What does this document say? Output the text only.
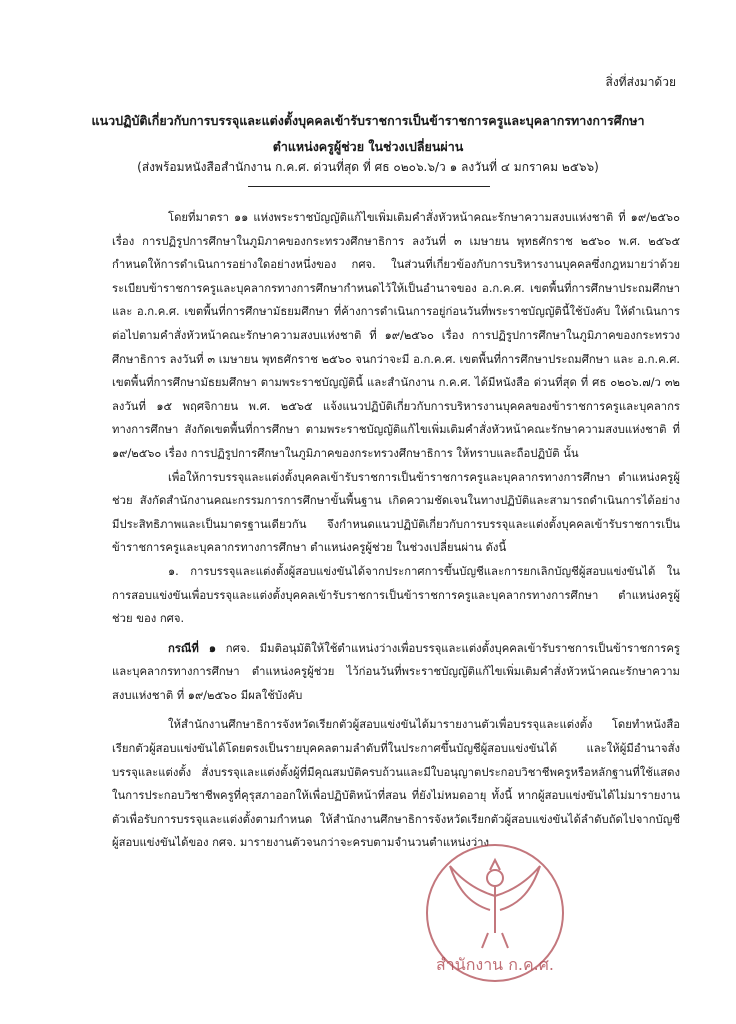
สิ่งที่ส่งมาด้วย
แนวปฏิบัติเกี่ยวกับการบรรจุและแต่งตั้งบุคคลเข้ารับราชการเป็นข้าราชการครูและบุคลากรทางการศึกษา
ตำแหน่งครูผู้ช่วย ในช่วงเปลี่ยนผ่าน
(ส่งพร้อมหนังสือสำนักงาน ก.ค.ศ. ด่วนที่สุด ที่ ศธ ๐๒๐๖.๖/ว ๑ ลงวันที่ ๔ มกราคม ๒๕๖๖)

โดยที่มาตรา ๑๑ แห่งพระราชบัญญัติแก้ไขเพิ่มเติมคำสั่งหัวหน้าคณะรักษาความสงบแห่งชาติ ที่ ๑๙/๒๕๖๐ เรื่อง การปฏิรูปการศึกษาในภูมิภาคของกระทรวงศึกษาธิการ ลงวันที่ ๓ เมษายน พุทธศักราช ๒๕๖๐ พ.ศ. ๒๕๖๕ กำหนดให้การดำเนินการอย่างใดอย่างหนึ่งของ กศจ. ในส่วนที่เกี่ยวข้องกับการบริหารงานบุคคลซึ่งกฎหมายว่าด้วยระเบียบข้าราชการครูและบุคลากรทางการศึกษากำหนดไว้ให้เป็นอำนาจของ อ.ก.ค.ศ. เขตพื้นที่การศึกษาประถมศึกษา และ อ.ก.ค.ศ. เขตพื้นที่การศึกษามัธยมศึกษา ที่ค้างการดำเนินการอยู่ก่อนวันที่พระราชบัญญัตินี้ใช้บังคับ ให้ดำเนินการต่อไปตามคำสั่งหัวหน้าคณะรักษาความสงบแห่งชาติ ที่ ๑๙/๒๕๖๐ เรื่อง การปฏิรูปการศึกษาในภูมิภาคของกระทรวงศึกษาธิการ ลงวันที่ ๓ เมษายน พุทธศักราช ๒๕๖๐ จนกว่าจะมี อ.ก.ค.ศ. เขตพื้นที่การศึกษาประถมศึกษา และ อ.ก.ค.ศ. เขตพื้นที่การศึกษามัธยมศึกษา ตามพระราชบัญญัตินี้ และสำนักงาน ก.ค.ศ. ได้มีหนังสือ ด่วนที่สุด ที่ ศธ ๐๒๐๖.๗/ว ๓๒ ลงวันที่ ๑๕ พฤศจิกายน พ.ศ. ๒๕๖๕ แจ้งแนวปฏิบัติเกี่ยวกับการบริหารงานบุคคลของข้าราชการครูและบุคลากรทางการศึกษา สังกัดเขตพื้นที่การศึกษา ตามพระราชบัญญัติแก้ไขเพิ่มเติมคำสั่งหัวหน้าคณะรักษาความสงบแห่งชาติ ที่ ๑๙/๒๕๖๐ เรื่อง การปฏิรูปการศึกษาในภูมิภาคของกระทรวงศึกษาธิการ ให้ทราบและถือปฏิบัติ นั้น

เพื่อให้การบรรจุและแต่งตั้งบุคคลเข้ารับราชการเป็นข้าราชการครูและบุคลากรทางการศึกษา ตำแหน่งครูผู้ช่วย สังกัดสำนักงานคณะกรรมการการศึกษาขั้นพื้นฐาน เกิดความชัดเจนในทางปฏิบัติและสามารถดำเนินการได้อย่างมีประสิทธิภาพและเป็นมาตรฐานเดียวกัน จึงกำหนดแนวปฏิบัติเกี่ยวกับการบรรจุและแต่งตั้งบุคคลเข้ารับราชการเป็นข้าราชการครูและบุคลากรทางการศึกษา ตำแหน่งครูผู้ช่วย ในช่วงเปลี่ยนผ่าน ดังนี้

๑. การบรรจุและแต่งตั้งผู้สอบแข่งขันได้จากประกาศการขึ้นบัญชีและการยกเลิกบัญชีผู้สอบแข่งขันได้ ในการสอบแข่งขันเพื่อบรรจุและแต่งตั้งบุคคลเข้ารับราชการเป็นข้าราชการครูและบุคลากรทางการศึกษา ตำแหน่งครูผู้ช่วย ของ กศจ.

กรณีที่ ๑ กศจ. มีมติอนุมัติให้ใช้ตำแหน่งว่างเพื่อบรรจุและแต่งตั้งบุคคลเข้ารับราชการเป็นข้าราชการครูและบุคลากรทางการศึกษา ตำแหน่งครูผู้ช่วย ไว้ก่อนวันที่พระราชบัญญัติแก้ไขเพิ่มเติมคำสั่งหัวหน้าคณะรักษาความสงบแห่งชาติ ที่ ๑๙/๒๕๖๐ มีผลใช้บังคับ

ให้สำนักงานศึกษาธิการจังหวัดเรียกตัวผู้สอบแข่งขันได้มารายงานตัวเพื่อบรรจุและแต่งตั้ง โดยทำหนังสือเรียกตัวผู้สอบแข่งขันได้โดยตรงเป็นรายบุคคลตามลำดับที่ในประกาศขึ้นบัญชีผู้สอบแข่งขันได้ และให้ผู้มีอำนาจสั่งบรรจุและแต่งตั้ง สั่งบรรจุและแต่งตั้งผู้ที่มีคุณสมบัติครบถ้วนและมีใบอนุญาตประกอบวิชาชีพครูหรือหลักฐานที่ใช้แสดงในการประกอบวิชาชีพครูที่คุรุสภาออกให้เพื่อปฏิบัติหน้าที่สอน ที่ยังไม่หมดอายุ ทั้งนี้ หากผู้สอบแข่งขันได้ไม่มารายงานตัวเพื่อรับการบรรจุและแต่งตั้งตามกำหนด ให้สำนักงานศึกษาธิการจังหวัดเรียกตัวผู้สอบแข่งขันได้ลำดับถัดไปจากบัญชีผู้สอบแข่งขันได้ของ กศจ. มารายงานตัวจนกว่าจะครบตามจำนวนตำแหน่งว่าง

สำนักงาน ก.ค.ศ.
